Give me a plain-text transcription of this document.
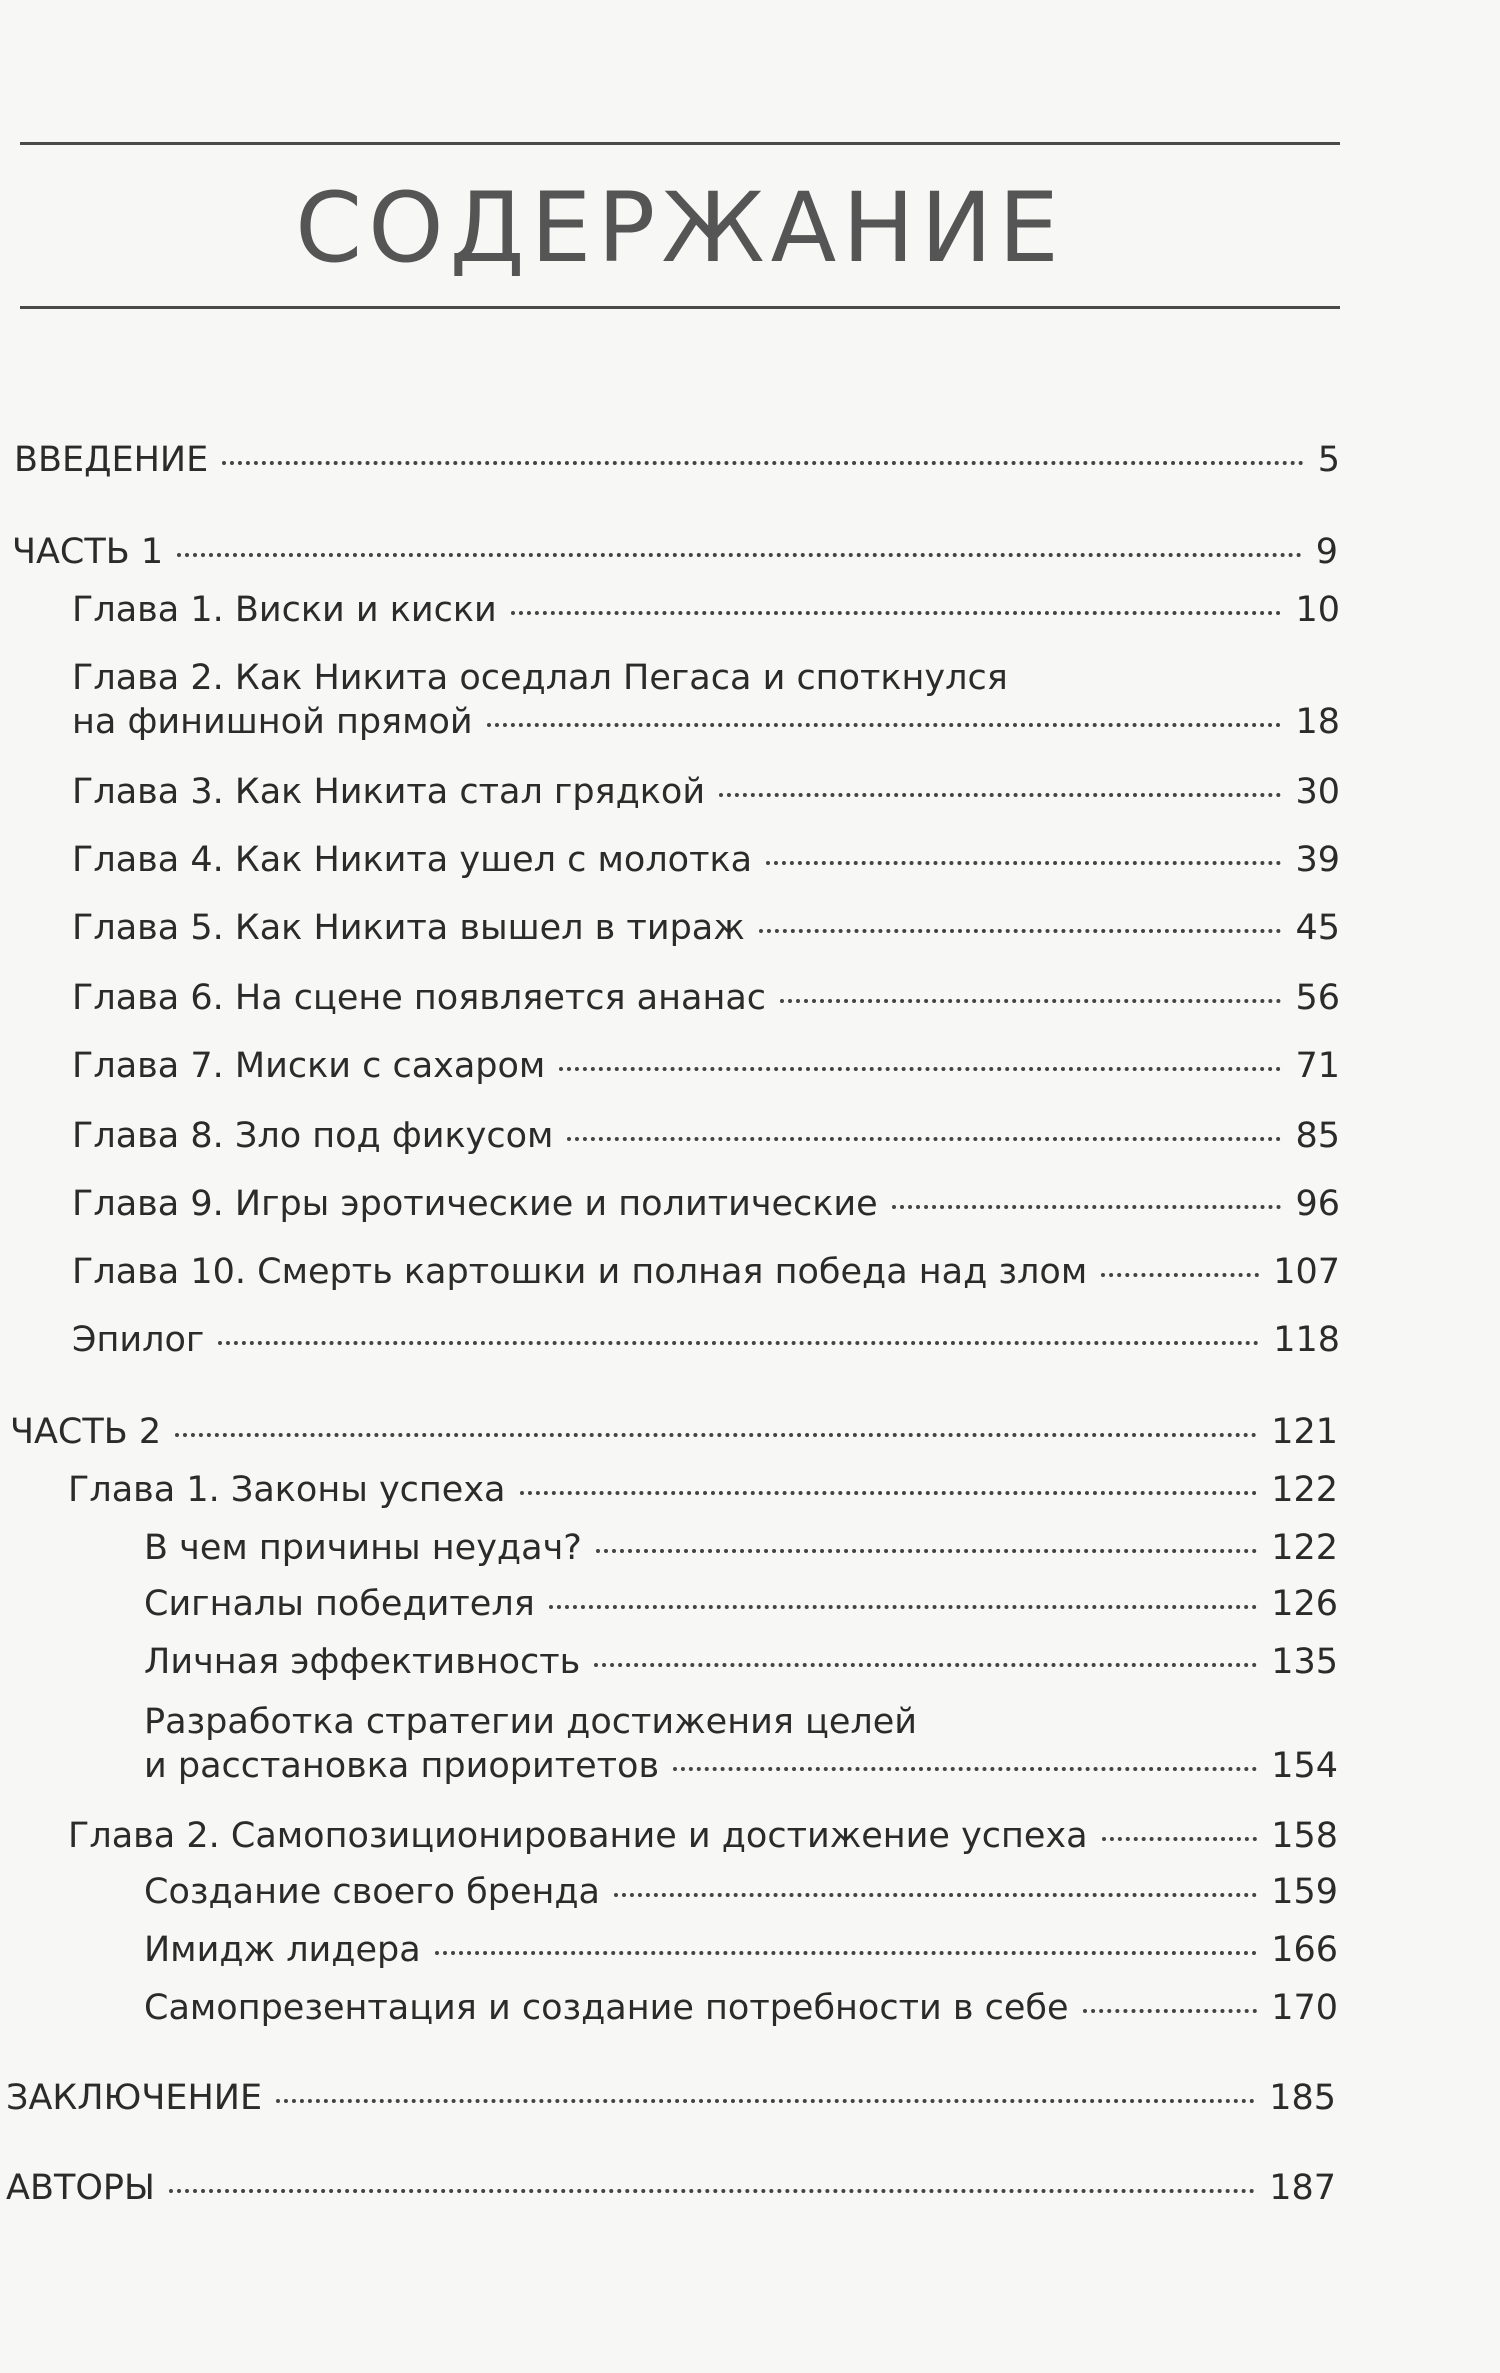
СОДЕРЖАНИЕ
ВВЕДЕНИЕ	5
ЧАСТЬ 1	9
Глава 1. Виски и киски	10
Глава 2. Как Никита оседлал Пегаса и споткнулся
на финишной прямой	18
Глава 3. Как Никита стал грядкой	30
Глава 4. Как Никита ушел с молотка	39
Глава 5. Как Никита вышел в тираж	45
Глава 6. На сцене появляется ананас	56
Глава 7. Миски с сахаром	71
Глава 8. Зло под фикусом	85
Глава 9. Игры эротические и политические	96
Глава 10. Смерть картошки и полная победа над злом	107
Эпилог	118
ЧАСТЬ 2	121
Глава 1. Законы успеха	122
В чем причины неудач?	122
Сигналы победителя	126
Личная эффективность	135
Разработка стратегии достижения целей
и расстановка приоритетов	154
Глава 2. Самопозиционирование и достижение успеха	158
Создание своего бренда	159
Имидж лидера	166
Самопрезентация и создание потребности в себе	170
ЗАКЛЮЧЕНИЕ	185
АВТОРЫ	187
